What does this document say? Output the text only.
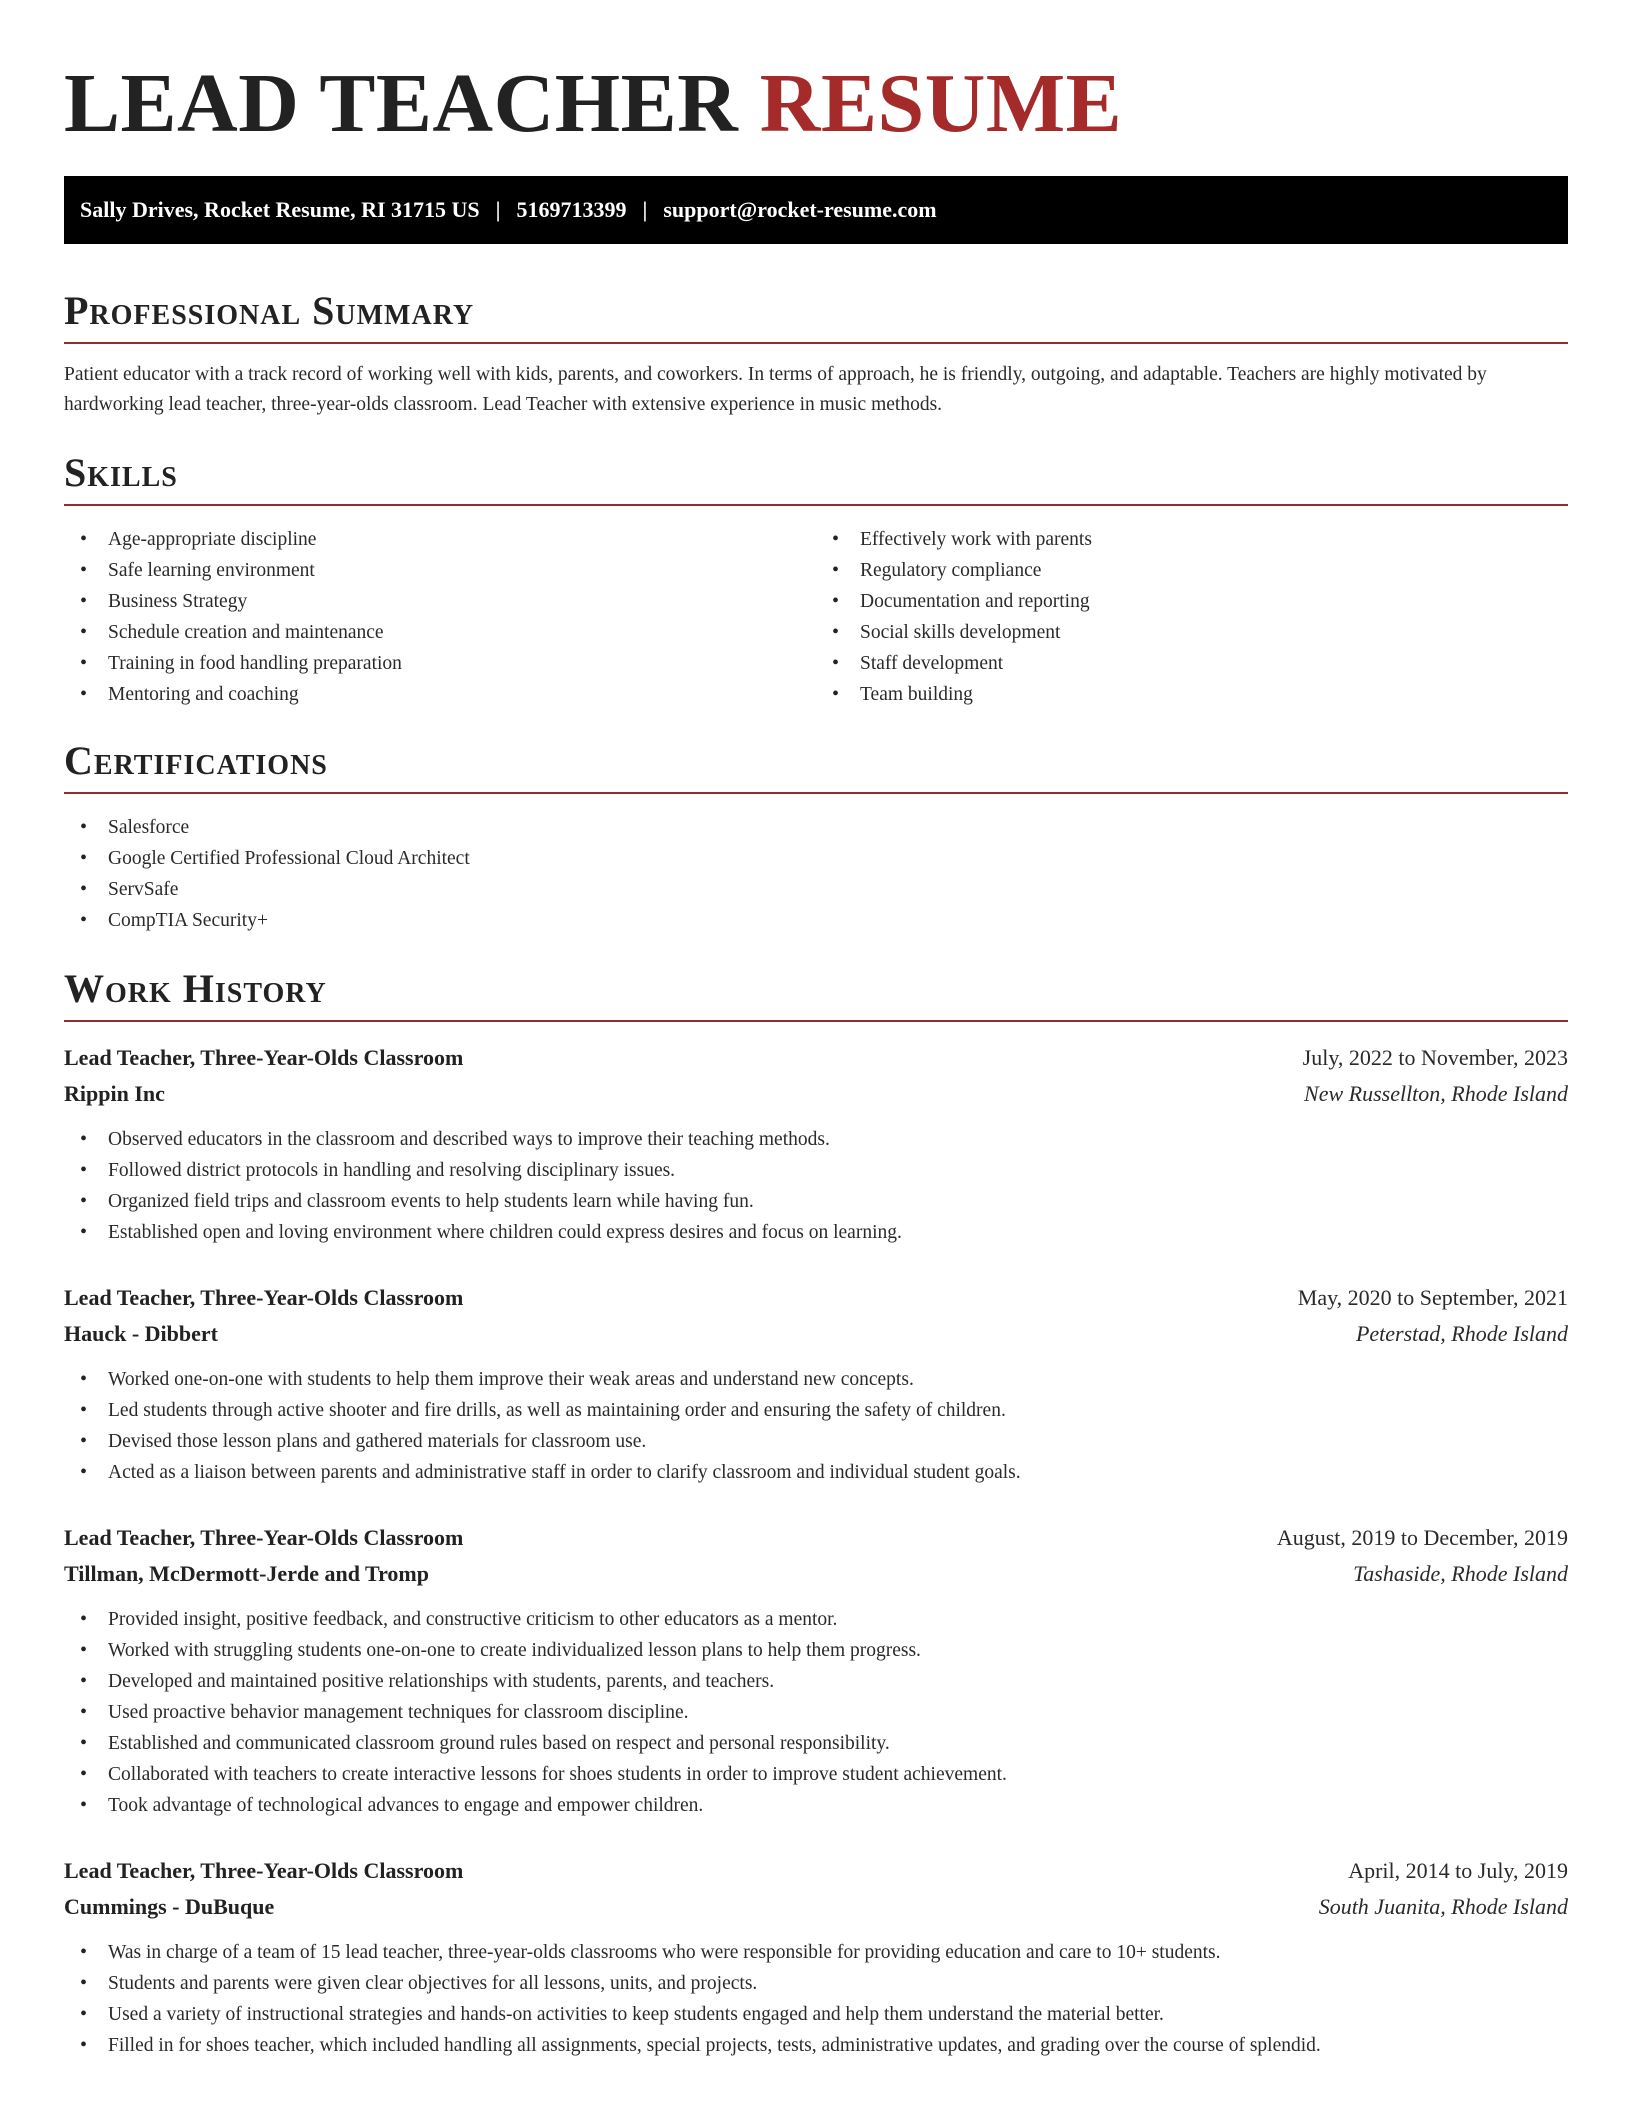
LEAD TEACHER RESUME
Sally Drives, Rocket Resume, RI 31715 US | 5169713399 | support@rocket-resume.com
Professional Summary

Patient educator with a track record of working well with kids, parents, and coworkers. In terms of approach, he is friendly, outgoing, and adaptable. Teachers are highly motivated by hardworking lead teacher, three-year-olds classroom. Lead Teacher with extensive experience in music methods.

Skills
• Age-appropriate discipline
• Safe learning environment
• Business Strategy
• Schedule creation and maintenance
• Training in food handling preparation
• Mentoring and coaching
• Effectively work with parents
• Regulatory compliance
• Documentation and reporting
• Social skills development
• Staff development
• Team building
Certifications
• Salesforce
• Google Certified Professional Cloud Architect
• ServSafe
• CompTIA Security+
Work History
Lead Teacher, Three-Year-Olds Classroom	July, 2022 to November, 2023
Rippin Inc	New Russellton, Rhode Island
• Observed educators in the classroom and described ways to improve their teaching methods.
• Followed district protocols in handling and resolving disciplinary issues.
• Organized field trips and classroom events to help students learn while having fun.
• Established open and loving environment where children could express desires and focus on learning.
Lead Teacher, Three-Year-Olds Classroom	May, 2020 to September, 2021
Hauck - Dibbert	Peterstad, Rhode Island
• Worked one-on-one with students to help them improve their weak areas and understand new concepts.
• Led students through active shooter and fire drills, as well as maintaining order and ensuring the safety of children.
• Devised those lesson plans and gathered materials for classroom use.
• Acted as a liaison between parents and administrative staff in order to clarify classroom and individual student goals.
Lead Teacher, Three-Year-Olds Classroom	August, 2019 to December, 2019
Tillman, McDermott-Jerde and Tromp	Tashaside, Rhode Island
• Provided insight, positive feedback, and constructive criticism to other educators as a mentor.
• Worked with struggling students one-on-one to create individualized lesson plans to help them progress.
• Developed and maintained positive relationships with students, parents, and teachers.
• Used proactive behavior management techniques for classroom discipline.
• Established and communicated classroom ground rules based on respect and personal responsibility.
• Collaborated with teachers to create interactive lessons for shoes students in order to improve student achievement.
• Took advantage of technological advances to engage and empower children.
Lead Teacher, Three-Year-Olds Classroom	April, 2014 to July, 2019
Cummings - DuBuque	South Juanita, Rhode Island
• Was in charge of a team of 15 lead teacher, three-year-olds classrooms who were responsible for providing education and care to 10+ students.
• Students and parents were given clear objectives for all lessons, units, and projects.
• Used a variety of instructional strategies and hands-on activities to keep students engaged and help them understand the material better.
• Filled in for shoes teacher, which included handling all assignments, special projects, tests, administrative updates, and grading over the course of splendid.
